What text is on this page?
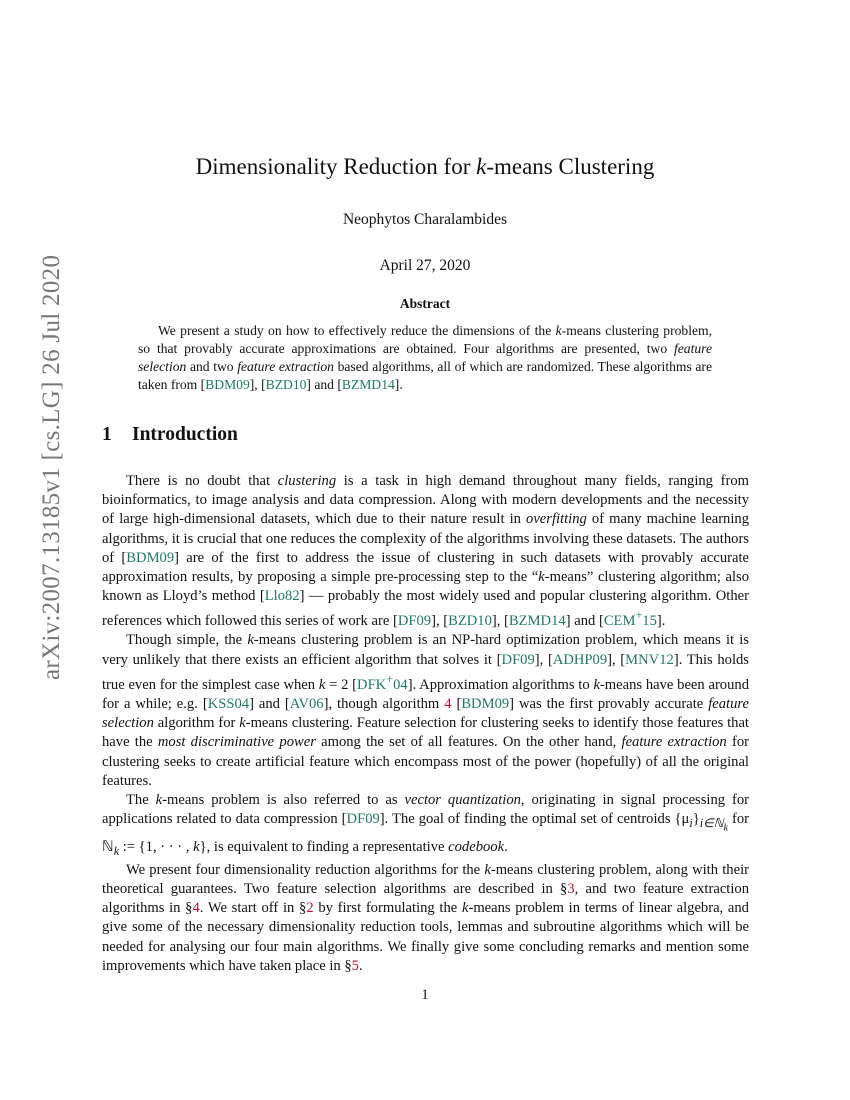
arXiv:2007.13185v1 [cs.LG] 26 Jul 2020
Dimensionality Reduction for k-means Clustering
Neophytos Charalambides
April 27, 2020
Abstract
We present a study on how to effectively reduce the dimensions of the k-means clustering problem, so that provably accurate approximations are obtained. Four algorithms are presented, two feature selection and two feature extraction based algorithms, all of which are randomized. These algorithms are taken from [BDM09], [BZD10] and [BZMD14].
1 Introduction

There is no doubt that clustering is a task in high demand throughout many fields, ranging from bioinformatics, to image analysis and data compression. Along with modern developments and the necessity of large high-dimensional datasets, which due to their nature result in overfitting of many machine learning algorithms, it is crucial that one reduces the complexity of the algorithms involving these datasets. The authors of [BDM09] are of the first to address the issue of clustering in such datasets with provably accurate approximation results, by proposing a simple pre-processing step to the “k-means” clustering algorithm; also known as Lloyd’s method [Llo82] — probably the most widely used and popular clustering algorithm. Other references which followed this series of work are [DF09], [BZD10], [BZMD14] and [CEM+15].

Though simple, the k-means clustering problem is an NP-hard optimization problem, which means it is very unlikely that there exists an efficient algorithm that solves it [DF09], [ADHP09], [MNV12]. This holds true even for the simplest case when k = 2 [DFK+04]. Approximation algorithms to k-means have been around for a while; e.g. [KSS04] and [AV06], though algorithm 4 [BDM09] was the first provably accurate feature selection algorithm for k-means clustering. Feature selection for clustering seeks to identify those features that have the most discriminative power among the set of all features. On the other hand, feature extraction for clustering seeks to create artificial feature which encompass most of the power (hopefully) of all the original features.

The k-means problem is also referred to as vector quantization, originating in signal processing for applications related to data compression [DF09]. The goal of finding the optimal set of centroids $\{\mu_i\}_{i\in ℕ_k}$ for ℕ$_k$ := {1, · · · , k}, is equivalent to finding a representative codebook.

We present four dimensionality reduction algorithms for the k-means clustering problem, along with their theoretical guarantees. Two feature selection algorithms are described in §3, and two feature extraction algorithms in §4. We start off in §2 by first formulating the k-means problem in terms of linear algebra, and give some of the necessary dimensionality reduction tools, lemmas and subroutine algorithms which will be needed for analysing our four main algorithms. We finally give some concluding remarks and mention some improvements which have taken place in §5.

1
